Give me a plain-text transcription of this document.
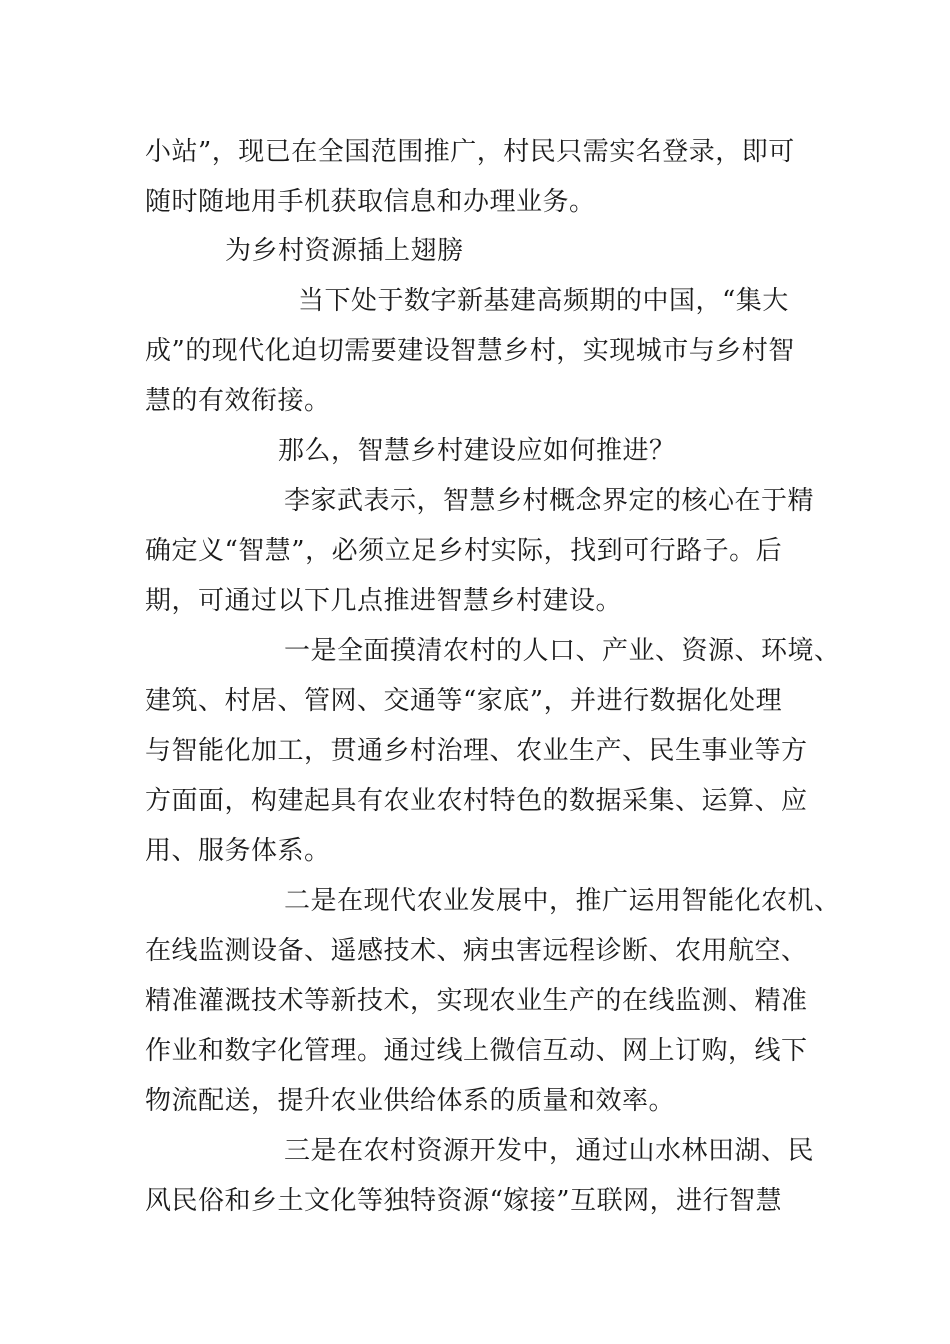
小站”，现已在全国范围推广，村民只需实名登录，即可
随时随地用手机获取信息和办理业务。
为乡村资源插上翅膀
当下处于数字新基建高频期的中国，“集大
成”的现代化迫切需要建设智慧乡村，实现城市与乡村智
慧的有效衔接。
那么，智慧乡村建设应如何推进？
李家武表示，智慧乡村概念界定的核心在于精
确定义“智慧”，必须立足乡村实际，找到可行路子。后
期，可通过以下几点推进智慧乡村建设。
一是全面摸清农村的人口、产业、资源、环境、
建筑、村居、管网、交通等“家底”，并进行数据化处理
与智能化加工，贯通乡村治理、农业生产、民生事业等方
方面面，构建起具有农业农村特色的数据采集、运算、应
用、服务体系。
二是在现代农业发展中，推广运用智能化农机、
在线监测设备、遥感技术、病虫害远程诊断、农用航空、
精准灌溉技术等新技术，实现农业生产的在线监测、精准
作业和数字化管理。通过线上微信互动、网上订购，线下
物流配送，提升农业供给体系的质量和效率。
三是在农村资源开发中，通过山水林田湖、民
风民俗和乡土文化等独特资源“嫁接”互联网，进行智慧
